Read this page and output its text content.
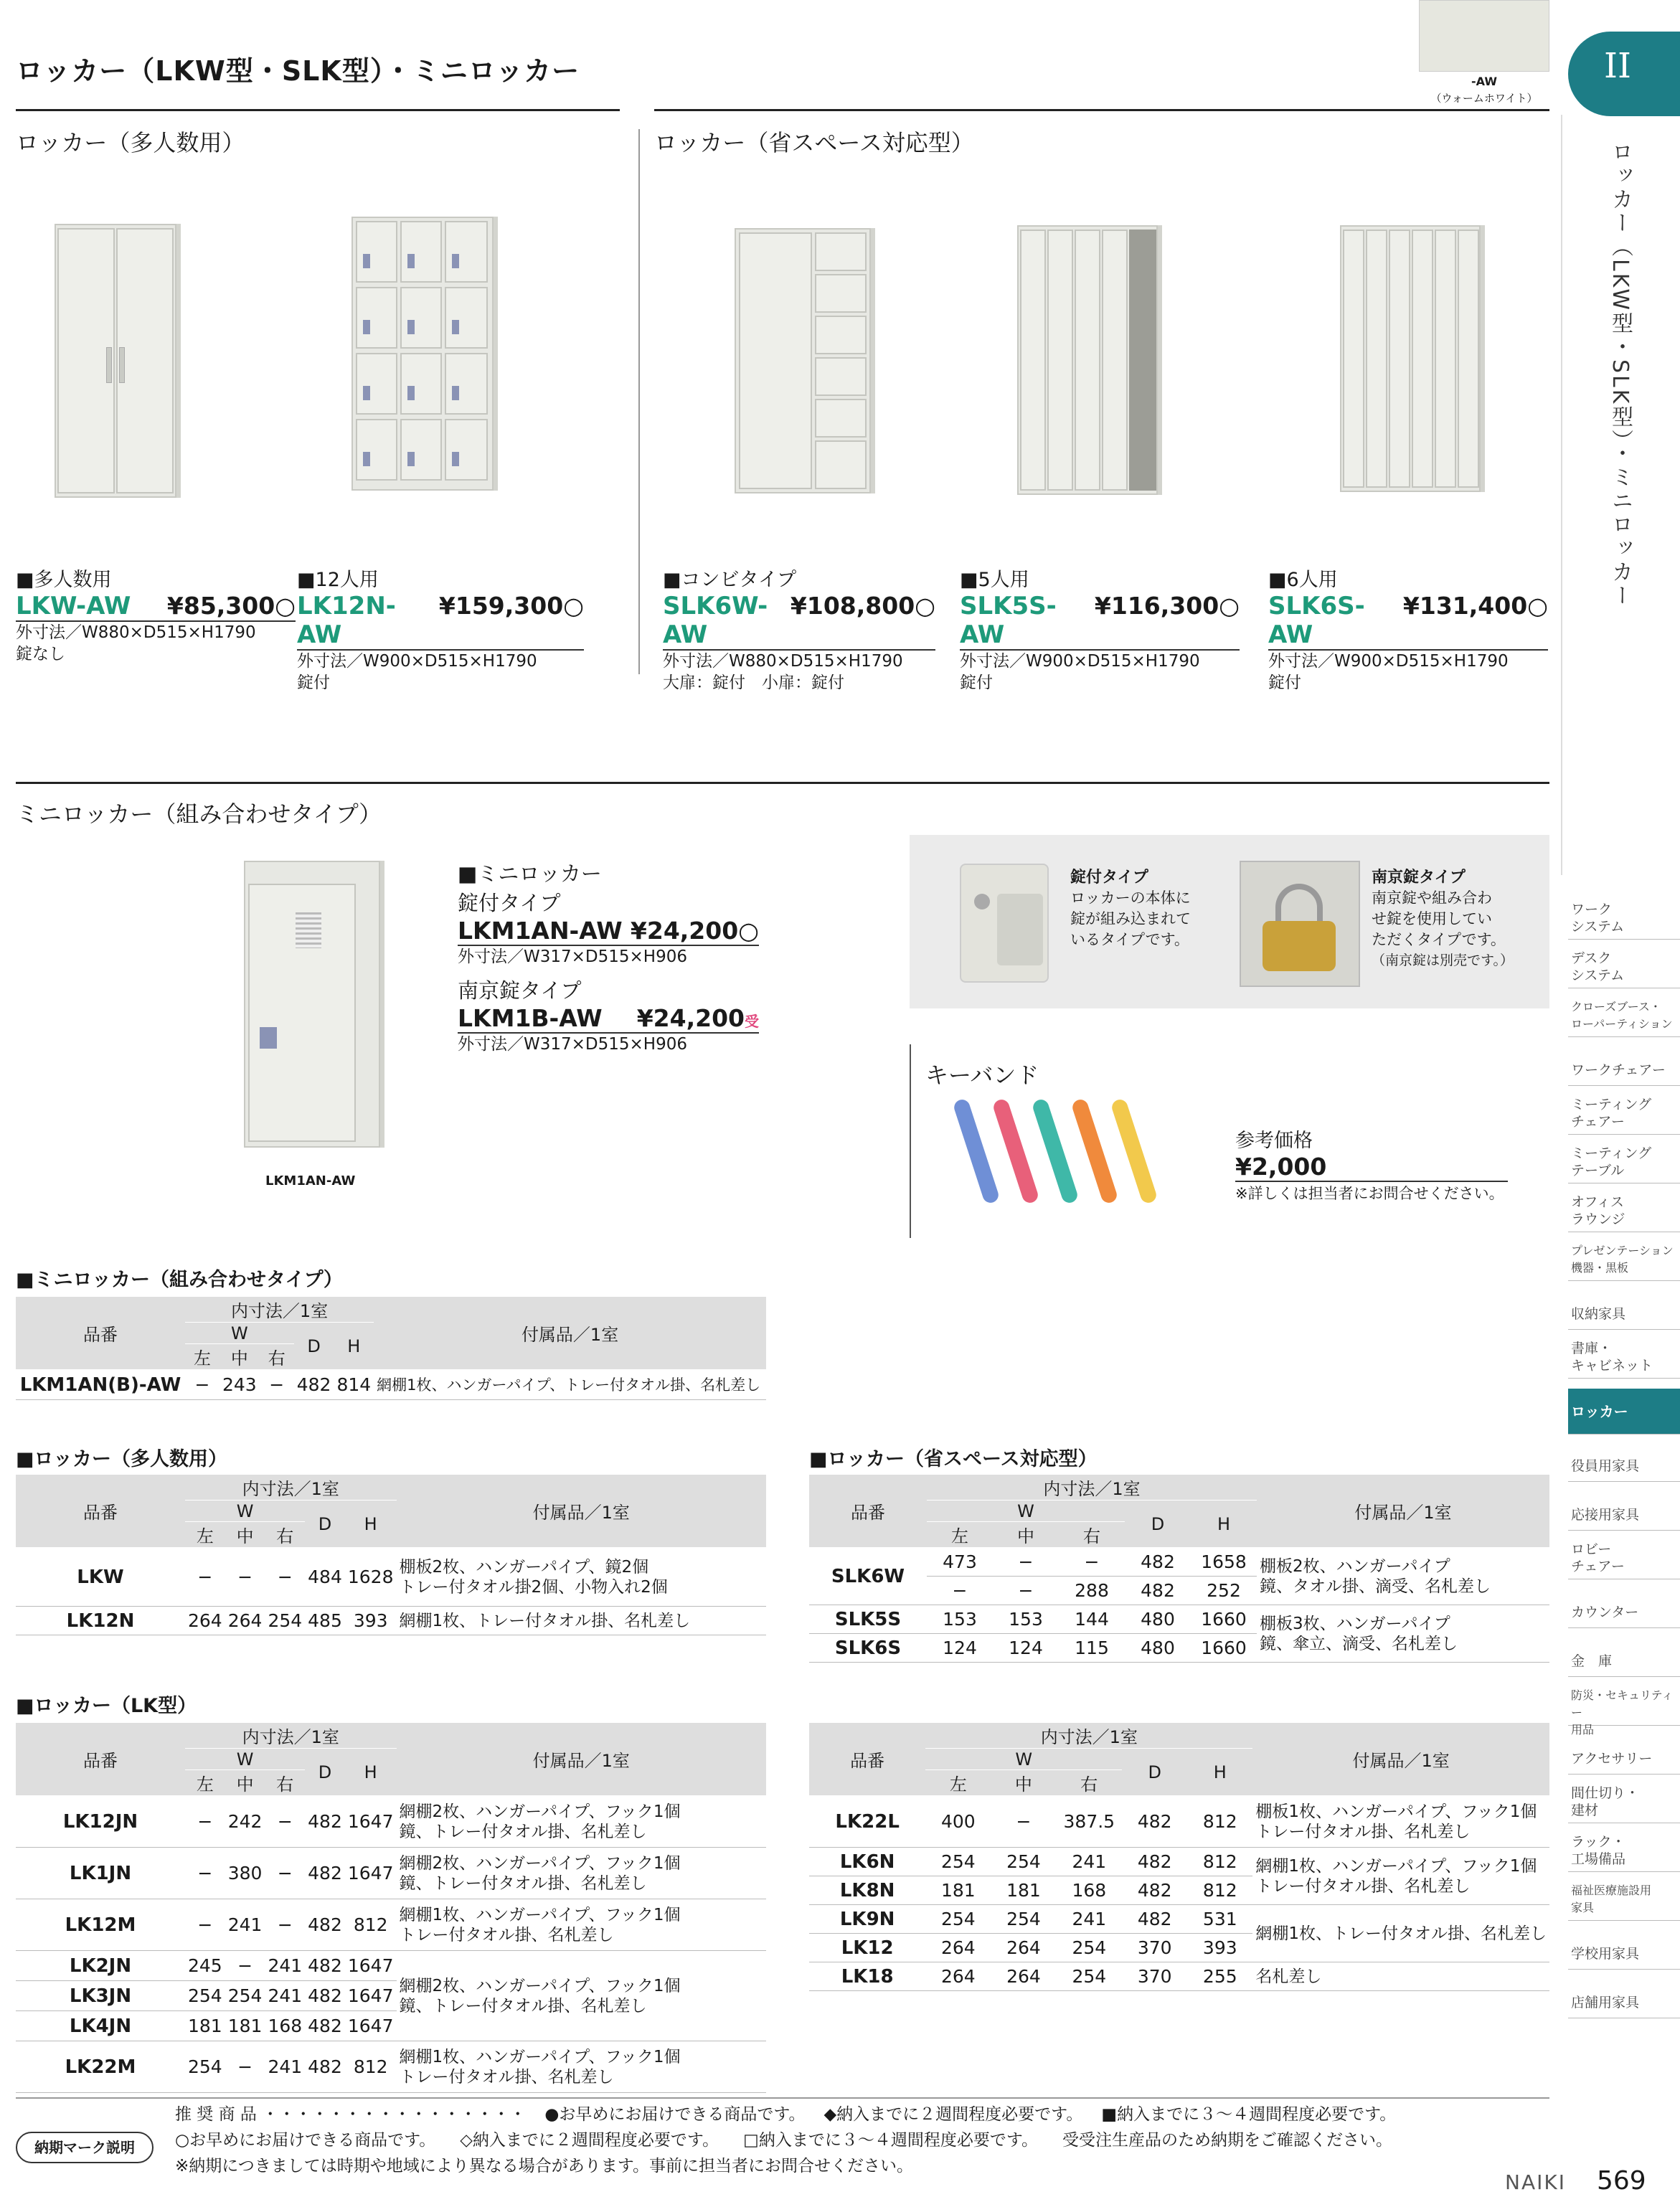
ロッカー（LKW型・SLK型）・ミニロッカー	-AW
（ウォームホワイト）
II
ロッカー（LKW型・SLK型）・ミニロッカー
ロッカー（多人数用）	ロッカー（省スペース対応型）
■多人数用
LKW-AW ¥85,300○
外寸法／W880×D515×H1790
錠なし
■12人用
LK12N-AW
¥159,300○
外寸法／W900×D515×H1790
錠付
■コンビタイプ
SLK6W-AW
¥108,800○
外寸法／W880×D515×H1790
大扉：錠付　小扉：錠付
■5人用
SLK5S-AW
¥116,300○
外寸法／W900×D515×H1790
錠付
■6人用
SLK6S-AW
¥131,400○
外寸法／W900×D515×H1790
錠付
ミニロッカー（組み合わせタイプ）
LKM1AN-AW
■ミニロッカー
錠付タイプ
LKM1AN-AW ¥24,200○
外寸法／W317×D515×H906
南京錠タイプ
LKM1B-AW ¥24,200受
外寸法／W317×D515×H906
錠付タイプ
ロッカーの本体に
錠が組み込まれて
いるタイプです。
南京錠タイプ
南京錠や組み合わ
せ錠を使用してい
ただくタイプです。
（南京錠は別売です。）
キーバンド
参考価格
¥2,000
※詳しくは担当者にお問合せください。
■ミニロッカー（組み合わせタイプ）
品番	内寸法／1室					付属品／1室
	W			D	H	
	左	中	右			
LKM1AN(B)-AW	−	243	−	482	814	網棚1枚、ハンガーパイプ、トレー付タオル掛、名札差し
■ロッカー（多人数用）
品番	内寸法／1室					付属品／1室
	W			D	H	
	左	中	右			
LKW	−	−	−	484	1628	棚板2枚、ハンガーパイプ、鏡2個
トレー付タオル掛2個、小物入れ2個

LK12N	264	264	254	485	393	網棚1枚、トレー付タオル掛、名札差し
■ロッカー（省スペース対応型）
品番	内寸法／1室					付属品／1室
	W			D	H	
	左	中	右			
SLK6W	473	−	−	482	1658	棚板2枚、ハンガーパイプ
鏡、タオル掛、滴受、名札差し

	−	−	288	482	252	
SLK5S	153	153	144	480	1660	棚板3枚、ハンガーパイプ
鏡、傘立、滴受、名札差し

SLK6S	124	124	115	480	1660	
■ロッカー（LK型）
品番	内寸法／1室					付属品／1室
	W			D	H	
	左	中	右			
LK12JN	−	242	−	482	1647	網棚2枚、ハンガーパイプ、フック1個
鏡、トレー付タオル掛、名札差し

LK1JN	−	380	−	482	1647	網棚2枚、ハンガーパイプ、フック1個
鏡、トレー付タオル掛、名札差し

LK12M	−	241	−	482	812	網棚1枚、ハンガーパイプ、フック1個
トレー付タオル掛、名札差し

LK2JN	245	−	241	482	1647	網棚2枚、ハンガーパイプ、フック1個
鏡、トレー付タオル掛、名札差し

LK3JN	254	254	241	482	1647	
LK4JN	181	181	168	482	1647	
LK22M	254	−	241	482	812	網棚1枚、ハンガーパイプ、フック1個
トレー付タオル掛、名札差し
品番	内寸法／1室					付属品／1室
	W			D	H	
	左	中	右			
LK22L	400	−	387.5	482	812	棚板1枚、ハンガーパイプ、フック1個
トレー付タオル掛、名札差し

LK6N	254	254	241	482	812	網棚1枚、ハンガーパイプ、フック1個
トレー付タオル掛、名札差し

LK8N	181	181	168	482	812	
LK9N	254	254	241	482	531	網棚1枚、トレー付タオル掛、名札差し
LK12	264	264	254	370	393	
LK18	264	264	254	370	255	名札差し
ワーク
システム
デスク
システム
クローズブース・
ローパーティション
ワークチェアー
ミーティング
チェアー
ミーティング
テーブル
オフィス
ラウンジ
プレゼンテーション
機器・黒板
収納家具
書庫・
キャビネット
ロッカー
役員用家具
応接用家具
ロビー
チェアー
カウンター
金　庫
防災・セキュリティー
用品
アクセサリー
間仕切り・
建材
ラック・
工場備品
福祉医療施設用
家具
学校用家具
店舗用家具
納期マーク説明
推 奨 商 品 ・・・・・・・・・・・・・・・・ ●お早めにお届けできる商品です。 ◆納入までに２週間程度必要です。 ■納入までに３～４週間程度必要です。
○お早めにお届けできる商品です。 ◇納入までに２週間程度必要です。 □納入までに３～４週間程度必要です。 受受注生産品のため納期をご確認ください。
※納期につきましては時期や地域により異なる場合があります。事前に担当者にお問合せください。
NAIKI 569
